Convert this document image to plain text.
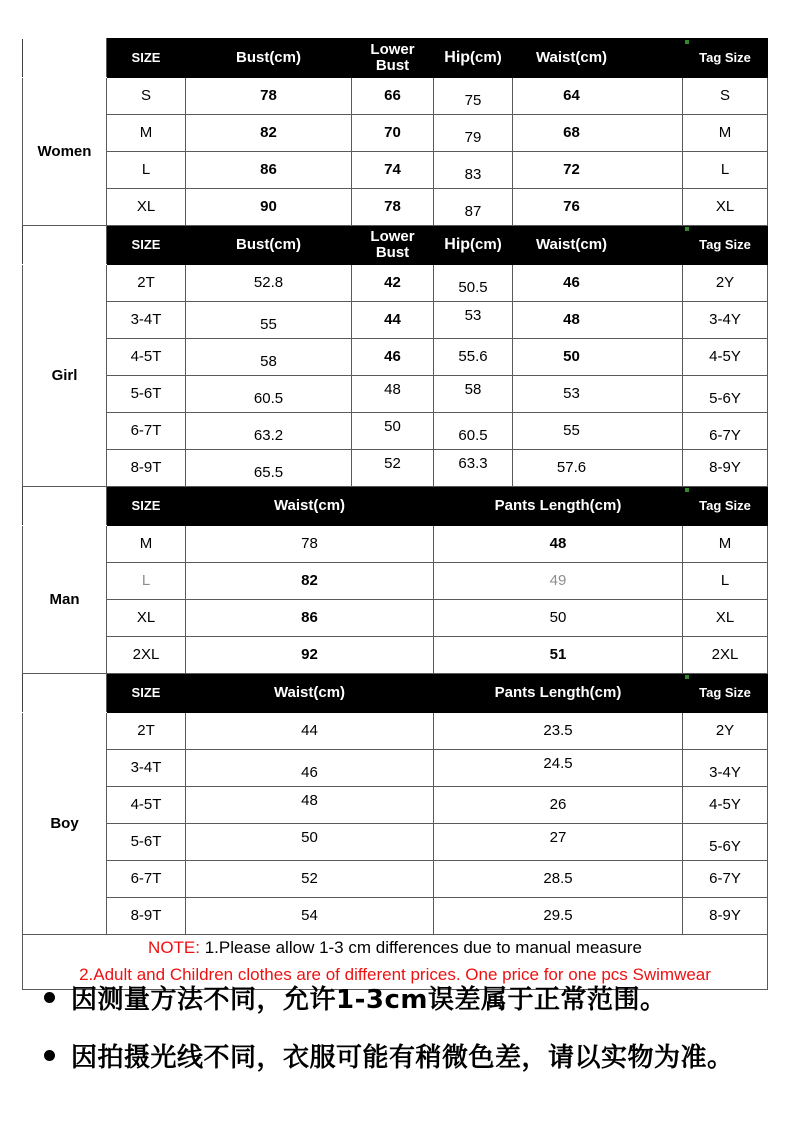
	SIZE	Bust(cm)	Lower Bust	Hip(cm)	Waist(cm)	Tag Size
Women	S	78	66	75	64	S
	M	82	70	79	68	M
	L	86	74	83	72	L
	XL	90	78	87	76	XL
	SIZE	Bust(cm)	Lower Bust	Hip(cm)	Waist(cm)	Tag Size
Girl	2T	52.8	42	50.5	46	2Y
	3-4T	55	44	53	48	3-4Y
	4-5T	58	46	55.6	50	4-5Y
	5-6T	60.5	48	58	53	5-6Y
	6-7T	63.2	50	60.5	55	6-7Y
	8-9T	65.5	52	63.3	57.6	8-9Y
	SIZE	Waist(cm)		Pants Length(cm)		Tag Size
Man	M	78		48		M
	L	82		49		L
	XL	86		50		XL
	2XL	92		51		2XL
	SIZE	Waist(cm)		Pants Length(cm)		Tag Size
Boy	2T	44		23.5		2Y
	3-4T	46		24.5		3-4Y
	4-5T	48		26		4-5Y
	5-6T	50		27		5-6Y
	6-7T	52		28.5		6-7Y
	8-9T	54		29.5		8-9Y

NOTE: 1.Please allow 1-3 cm differences due to manual measure
2.Adult and Children clothes are of different prices. One price for one pcs Swimwear						
因测量方法不同，允许1-3cm误差属于正常范围。
因拍摄光线不同，衣服可能有稍微色差，请以实物为准。
